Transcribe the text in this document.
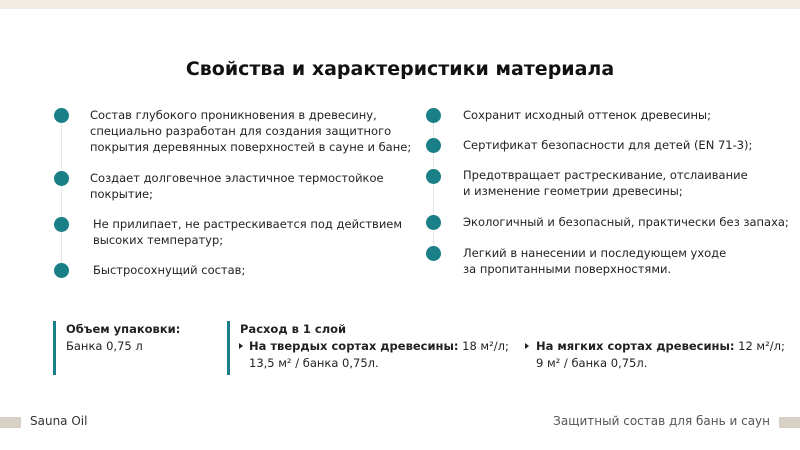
Свойства и характеристики материала
Состав глубокого проникновения в древесину,
специально разработан для создания защитного
покрытия деревянных поверхностей в сауне и бане;
Создает долговечное эластичное термостойкое
покрытие;
Не прилипает, не растрескивается под действием
высоких температур;
Быстросохнущий состав;
Сохранит исходный оттенок древесины;
Сертификат безопасности для детей (EN 71-3);
Предотвращает растрескивание, отслаивание
и изменение геометрии древесины;
Экологичный и безопасный, практически без запаха;
Легкий в нанесении и последующем уходе
за пропитанными поверхностями.
Объем упаковки:
Банка 0,75 л
Расход в 1 слой
На твердых сортах древесины: 18 м²/л;
13,5 м² / банка 0,75л.
На мягких сортах древесины: 12 м²/л;
9 м² / банка 0,75л.
Sauna Oil	Защитный состав для бань и саун
